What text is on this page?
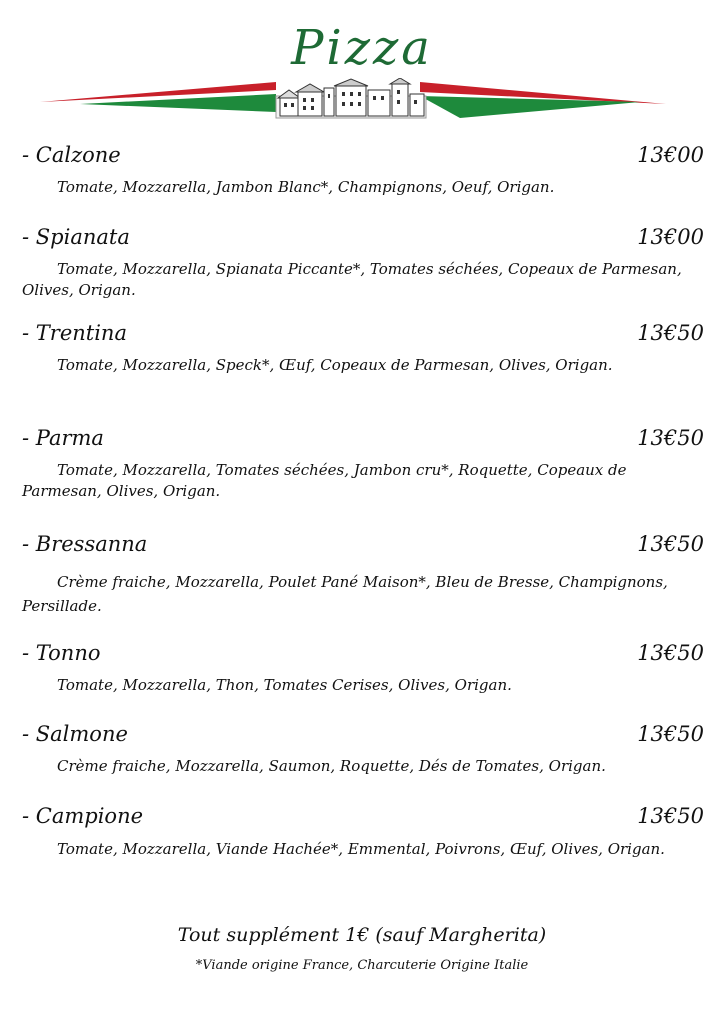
Pizza
- Calzone	13€00
Tomate, Mozzarella, Jambon Blanc*, Champignons, Oeuf, Origan.
- Spianata	13€00
Tomate, Mozzarella, Spianata Piccante*, Tomates séchées, Copeaux de Parmesan, Olives, Origan.
- Trentina	13€50
Tomate, Mozzarella, Speck*, Œuf, Copeaux de Parmesan, Olives, Origan.
- Parma	13€50
Tomate, Mozzarella, Tomates séchées, Jambon cru*, Roquette, Copeaux de Parmesan, Olives, Origan.
- Bressanna	13€50
Crème fraiche, Mozzarella, Poulet Pané Maison*, Bleu de Bresse, Champignons, Persillade.
- Tonno	13€50
Tomate, Mozzarella, Thon, Tomates Cerises, Olives, Origan.
- Salmone	13€50
Crème fraiche, Mozzarella, Saumon, Roquette, Dés de Tomates, Origan.
- Campione	13€50
Tomate, Mozzarella, Viande Hachée*, Emmental, Poivrons, Œuf, Olives, Origan.
Tout supplément 1€ (sauf Margherita)
*Viande origine France, Charcuterie Origine Italie
